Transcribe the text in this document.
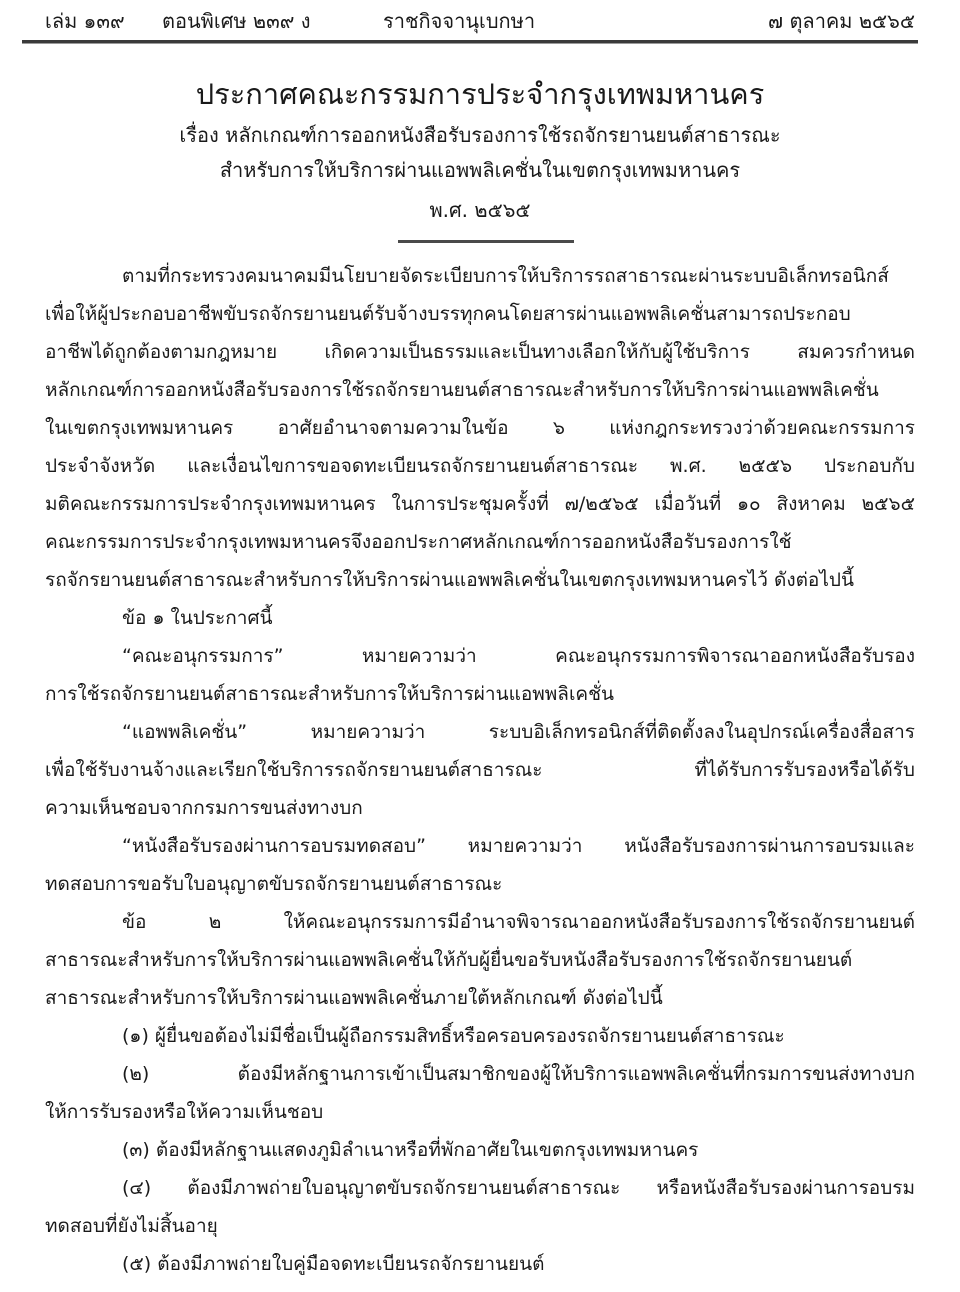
เล่ม ๑๓๙ ตอนพิเศษ ๒๓๙ ง	ราชกิจจานุเบกษา	๗ ตุลาคม ๒๕๖๕
ประกาศคณะกรรมการประจำกรุงเทพมหานคร
เรื่อง หลักเกณฑ์การออกหนังสือรับรองการใช้รถจักรยานยนต์สาธารณะ
สำหรับการให้บริการผ่านแอพพลิเคชั่นในเขตกรุงเทพมหานคร
พ.ศ. ๒๕๖๕
ตามที่กระทรวงคมนาคมมีนโยบายจัดระเบียบการให้บริการรถสาธารณะผ่านระบบอิเล็กทรอนิกส์
เพื่อให้ผู้ประกอบอาชีพขับรถจักรยานยนต์รับจ้างบรรทุกคนโดยสารผ่านแอพพลิเคชั่นสามารถประกอบ
อาชีพได้ถูกต้องตามกฎหมาย เกิดความเป็นธรรมและเป็นทางเลือกให้กับผู้ใช้บริการ สมควรกำหนด
หลักเกณฑ์การออกหนังสือรับรองการใช้รถจักรยานยนต์สาธารณะสำหรับการให้บริการผ่านแอพพลิเคชั่น
ในเขตกรุงเทพมหานคร อาศัยอำนาจตามความในข้อ ๖ แห่งกฎกระทรวงว่าด้วยคณะกรรมการ
ประจำจังหวัด และเงื่อนไขการขอจดทะเบียนรถจักรยานยนต์สาธารณะ พ.ศ. ๒๕๕๖ ประกอบกับ
มติคณะกรรมการประจำกรุงเทพมหานคร ในการประชุมครั้งที่ ๗/๒๕๖๕ เมื่อวันที่ ๑๐ สิงหาคม ๒๕๖๕
คณะกรรมการประจำกรุงเทพมหานครจึงออกประกาศหลักเกณฑ์การออกหนังสือรับรองการใช้
รถจักรยานยนต์สาธารณะสำหรับการให้บริการผ่านแอพพลิเคชั่นในเขตกรุงเทพมหานครไว้ ดังต่อไปนี้
ข้อ ๑ ในประกาศนี้
“คณะอนุกรรมการ” หมายความว่า คณะอนุกรรมการพิจารณาออกหนังสือรับรอง
การใช้รถจักรยานยนต์สาธารณะสำหรับการให้บริการผ่านแอพพลิเคชั่น
“แอพพลิเคชั่น” หมายความว่า ระบบอิเล็กทรอนิกส์ที่ติดตั้งลงในอุปกรณ์เครื่องสื่อสาร
เพื่อใช้รับงานจ้างและเรียกใช้บริการรถจักรยานยนต์สาธารณะ ที่ได้รับการรับรองหรือได้รับ
ความเห็นชอบจากกรมการขนส่งทางบก
“หนังสือรับรองผ่านการอบรมทดสอบ” หมายความว่า หนังสือรับรองการผ่านการอบรมและ
ทดสอบการขอรับใบอนุญาตขับรถจักรยานยนต์สาธารณะ
ข้อ ๒ ให้คณะอนุกรรมการมีอำนาจพิจารณาออกหนังสือรับรองการใช้รถจักรยานยนต์
สาธารณะสำหรับการให้บริการผ่านแอพพลิเคชั่นให้กับผู้ยื่นขอรับหนังสือรับรองการใช้รถจักรยานยนต์
สาธารณะสำหรับการให้บริการผ่านแอพพลิเคชั่นภายใต้หลักเกณฑ์ ดังต่อไปนี้
(๑) ผู้ยื่นขอต้องไม่มีชื่อเป็นผู้ถือกรรมสิทธิ์หรือครอบครองรถจักรยานยนต์สาธารณะ
(๒) ต้องมีหลักฐานการเข้าเป็นสมาชิกของผู้ให้บริการแอพพลิเคชั่นที่กรมการขนส่งทางบก
ให้การรับรองหรือให้ความเห็นชอบ
(๓) ต้องมีหลักฐานแสดงภูมิลำเนาหรือที่พักอาศัยในเขตกรุงเทพมหานคร
(๔) ต้องมีภาพถ่ายใบอนุญาตขับรถจักรยานยนต์สาธารณะ หรือหนังสือรับรองผ่านการอบรม
ทดสอบที่ยังไม่สิ้นอายุ
(๕) ต้องมีภาพถ่ายใบคู่มือจดทะเบียนรถจักรยานยนต์
